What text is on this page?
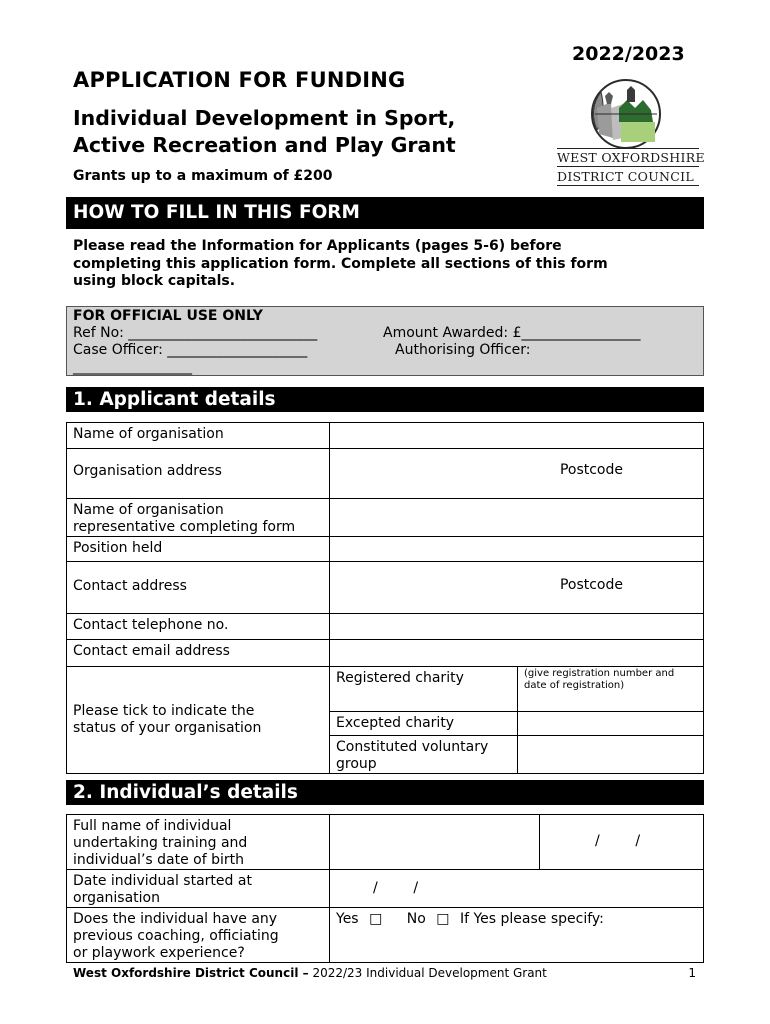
2022/2023
APPLICATION FOR FUNDING
Individual Development in Sport,
Active Recreation and Play Grant
Grants up to a maximum of £200
WEST OXFORDSHIRE
DISTRICT COUNCIL
HOW TO FILL IN THIS FORM
Please read the Information for Applicants (pages 5-6) before
completing this application form. Complete all sections of this form
using block capitals.
FOR OFFICIAL USE ONLY
Ref No: ___________________________	Amount Awarded: £_________________
Case Officer: ____________________	Authorising Officer:
_________________
1. Applicant details
Name of organisation		
Organisation address	Postcode	

Name of organisation
representative completing form		

Position held		
Contact address	Postcode	

Contact telephone no.		
Contact email address		

Please tick to indicate the
status of your organisation	Registered charity	(give registration number and date of registration)

	Excepted charity	
	Constituted voluntary group	
2. Individual’s details
Full name of individual
undertaking training and
individual’s date of birth		/        /

Date individual started at
organisation	/        /	

Does the individual have any
previous coaching, officiating
or playwork experience?	Yes □ No □ If Yes please specify:	
West Oxfordshire District Council – 2022/23 Individual Development Grant	1
